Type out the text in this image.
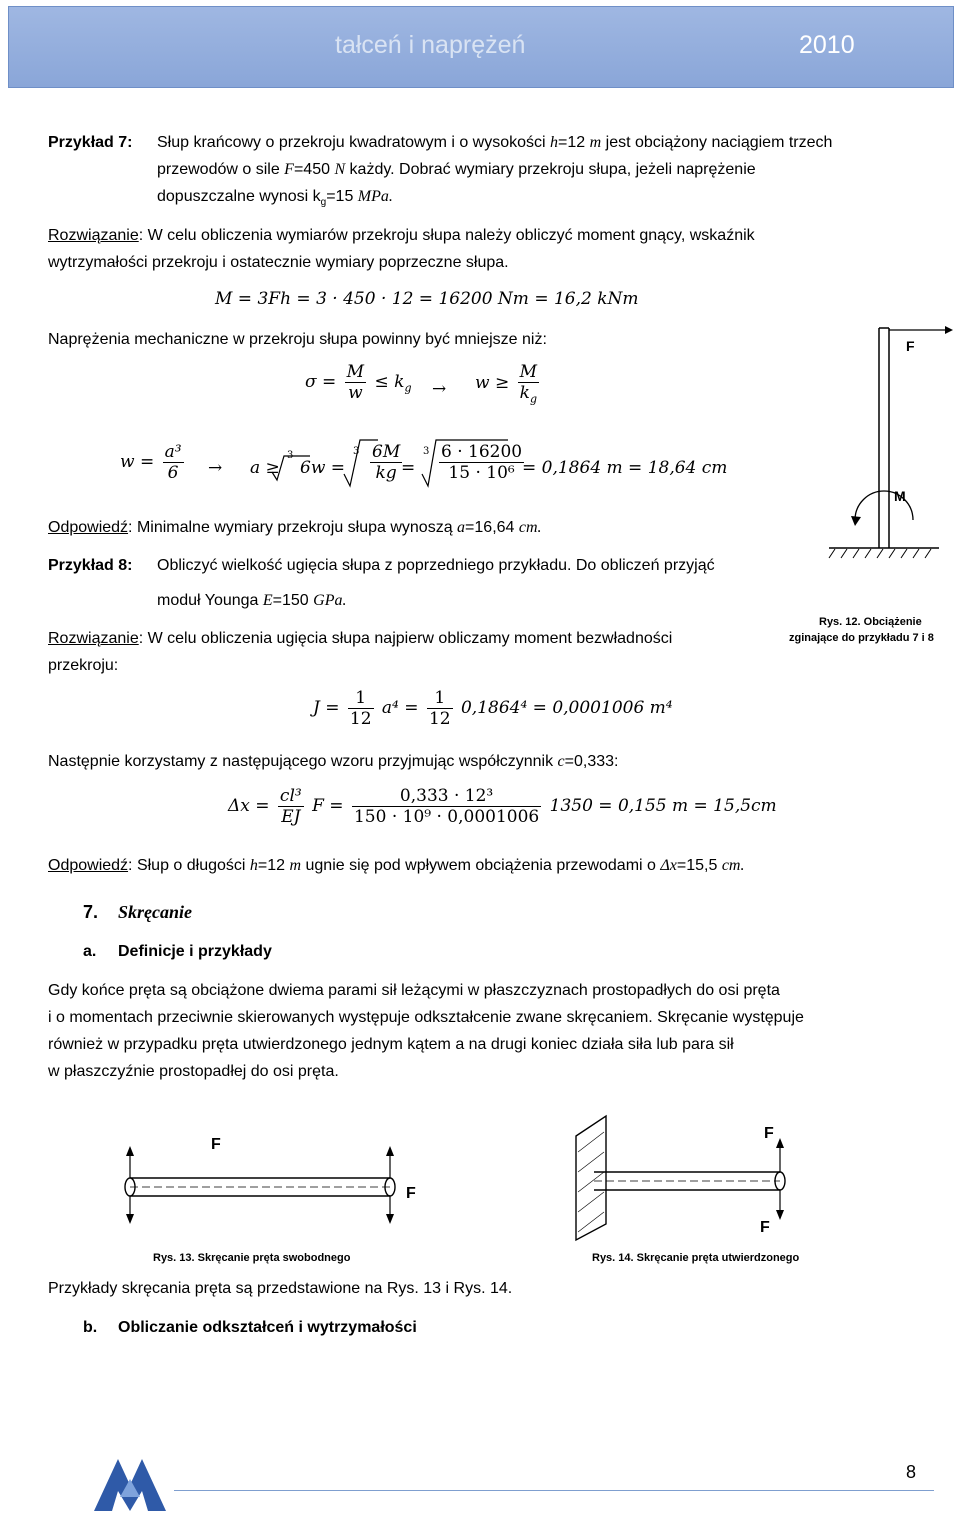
tałceń i naprężeń	2010
Przykład 7: Słup krańcowy o przekroju kwadratowym i o wysokości h=12 m jest obciążony naciągiem trzech
przewodów o sile F=450 N każdy. Dobrać wymiary przekroju słupa, jeżeli naprężenie
dopuszczalne wynosi $k_g=15$ MPa.
Rozwiązanie: W celu obliczenia wymiarów przekroju słupa należy obliczyć moment gnący, wskaźnik
wytrzymałości przekroju i ostatecznie wymiary poprzeczne słupa.
M = 3Fh = 3 · 450 · 12 = 16200 Nm = 16,2 kNm
Naprężenia mechaniczne w przekroju słupa powinny być mniejsze niż:
$\sigma = \frac{M}{w} \le k_g \to w \ge \frac{M}{k_g}$
$w = \frac{\text{a³}}{6} \to a$ ≥
3
6w =
$3 \frac{6M}{kg}$
=
$3 \frac{6 \cdot 16200}{\text{15 · 10⁶}}$
= 0,1864 m = 18,64 cm
Odpowiedź: Minimalne wymiary przekroju słupa wynoszą a=16,64 cm.
Przykład 8: Obliczyć wielkość ugięcia słupa z poprzedniego przykładu. Do obliczeń przyjąć
moduł Younga E=150 GPa.
F
M
Rys. 12. Obciążenie
zginające do przykładu 7 i 8
Rozwiązanie: W celu obliczenia ugięcia słupa najpierw obliczamy moment bezwładności
przekroju:
$J = \frac{1}{12} a^4 = \frac{1}{12} 0,1864^4 = 0,0001006$ m⁴
Następnie korzystamy z następującego wzoru przyjmując współczynnik c=0,333:
$\Delta x = \frac{\text{cl³}}{EJ}$ $F = \frac{\text{0,333 · 12³}}{\text{150 · 10⁹ · 0,0001006}} 1350 = 0,155$ m = 15,5cm
Odpowiedź: Słup o długości h=12 m ugnie się pod wpływem obciążenia przewodami o Δx=15,5 cm.
7. Skręcanie
a. Definicje i przykłady
Gdy końce pręta są obciążone dwiema parami sił leżącymi w płaszczyznach prostopadłych do osi pręta
i o momentach przeciwnie skierowanych występuje odkształcenie zwane skręcaniem. Skręcanie występuje
również w przypadku pręta utwierdzonego jednym kątem a na drugi koniec działa siła lub para sił
w płaszczyźnie prostopadłej do osi pręta.
F
F
Rys. 13. Skręcanie pręta swobodnego
F
F
Rys. 14. Skręcanie pręta utwierdzonego
Przykłady skręcania pręta są przedstawione na Rys. 13 i Rys. 14.
b. Obliczanie odkształceń i wytrzymałości
8
